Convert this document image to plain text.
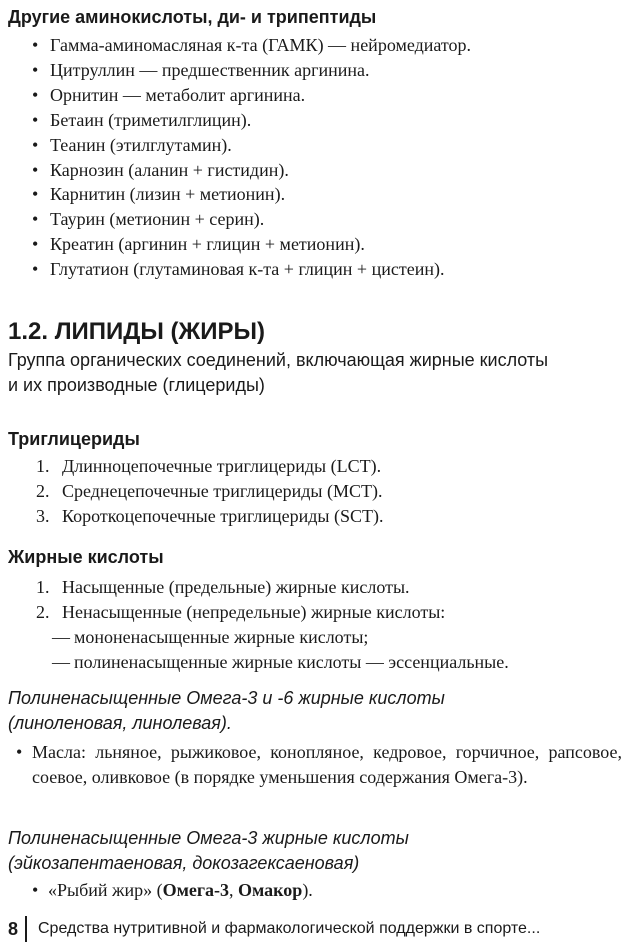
Другие аминокислоты, ди- и трипептиды
• Гамма-аминомасляная к-та (ГАМК) — нейромедиатор.
• Цитруллин — предшественник аргинина.
• Орнитин — метаболит аргинина.
• Бетаин (триметилглицин).
• Теанин (этилглутамин).
• Карнозин (аланин + гистидин).
• Карнитин (лизин + метионин).
• Таурин (метионин + серин).
• Креатин (аргинин + глицин + метионин).
• Глутатион (глутаминовая к-та + глицин + цистеин).
1.2. ЛИПИДЫ (ЖИРЫ)
Группа органических соединений, включающая жирные кислоты
и их производные (глицериды)
Триглицериды
1. Длинноцепочечные триглицериды (LCT).
2. Среднецепочечные триглицериды (MCT).
3. Короткоцепочечные триглицериды (SCT).
Жирные кислоты
1. Насыщенные (предельные) жирные кислоты.
2. Ненасыщенные (непредельные) жирные кислоты:
— мононенасыщенные жирные кислоты;
— полиненасыщенные жирные кислоты — эссенциальные.
Полиненасыщенные Омега-3 и -6 жирные кислоты
(линоленовая, линолевая).
• Масла: льняное, рыжиковое, конопляное, кедровое, горчичное, рапсовое, соевое, оливковое (в порядке уменьшения содержания Омега-3).
Полиненасыщенные Омега-3 жирные кислоты
(эйкозапентаеновая, докозагексаеновая)
• «Рыбий жир» (Омега-3, Омакор).
8 Средства нутритивной и фармакологической поддержки в спорте...
